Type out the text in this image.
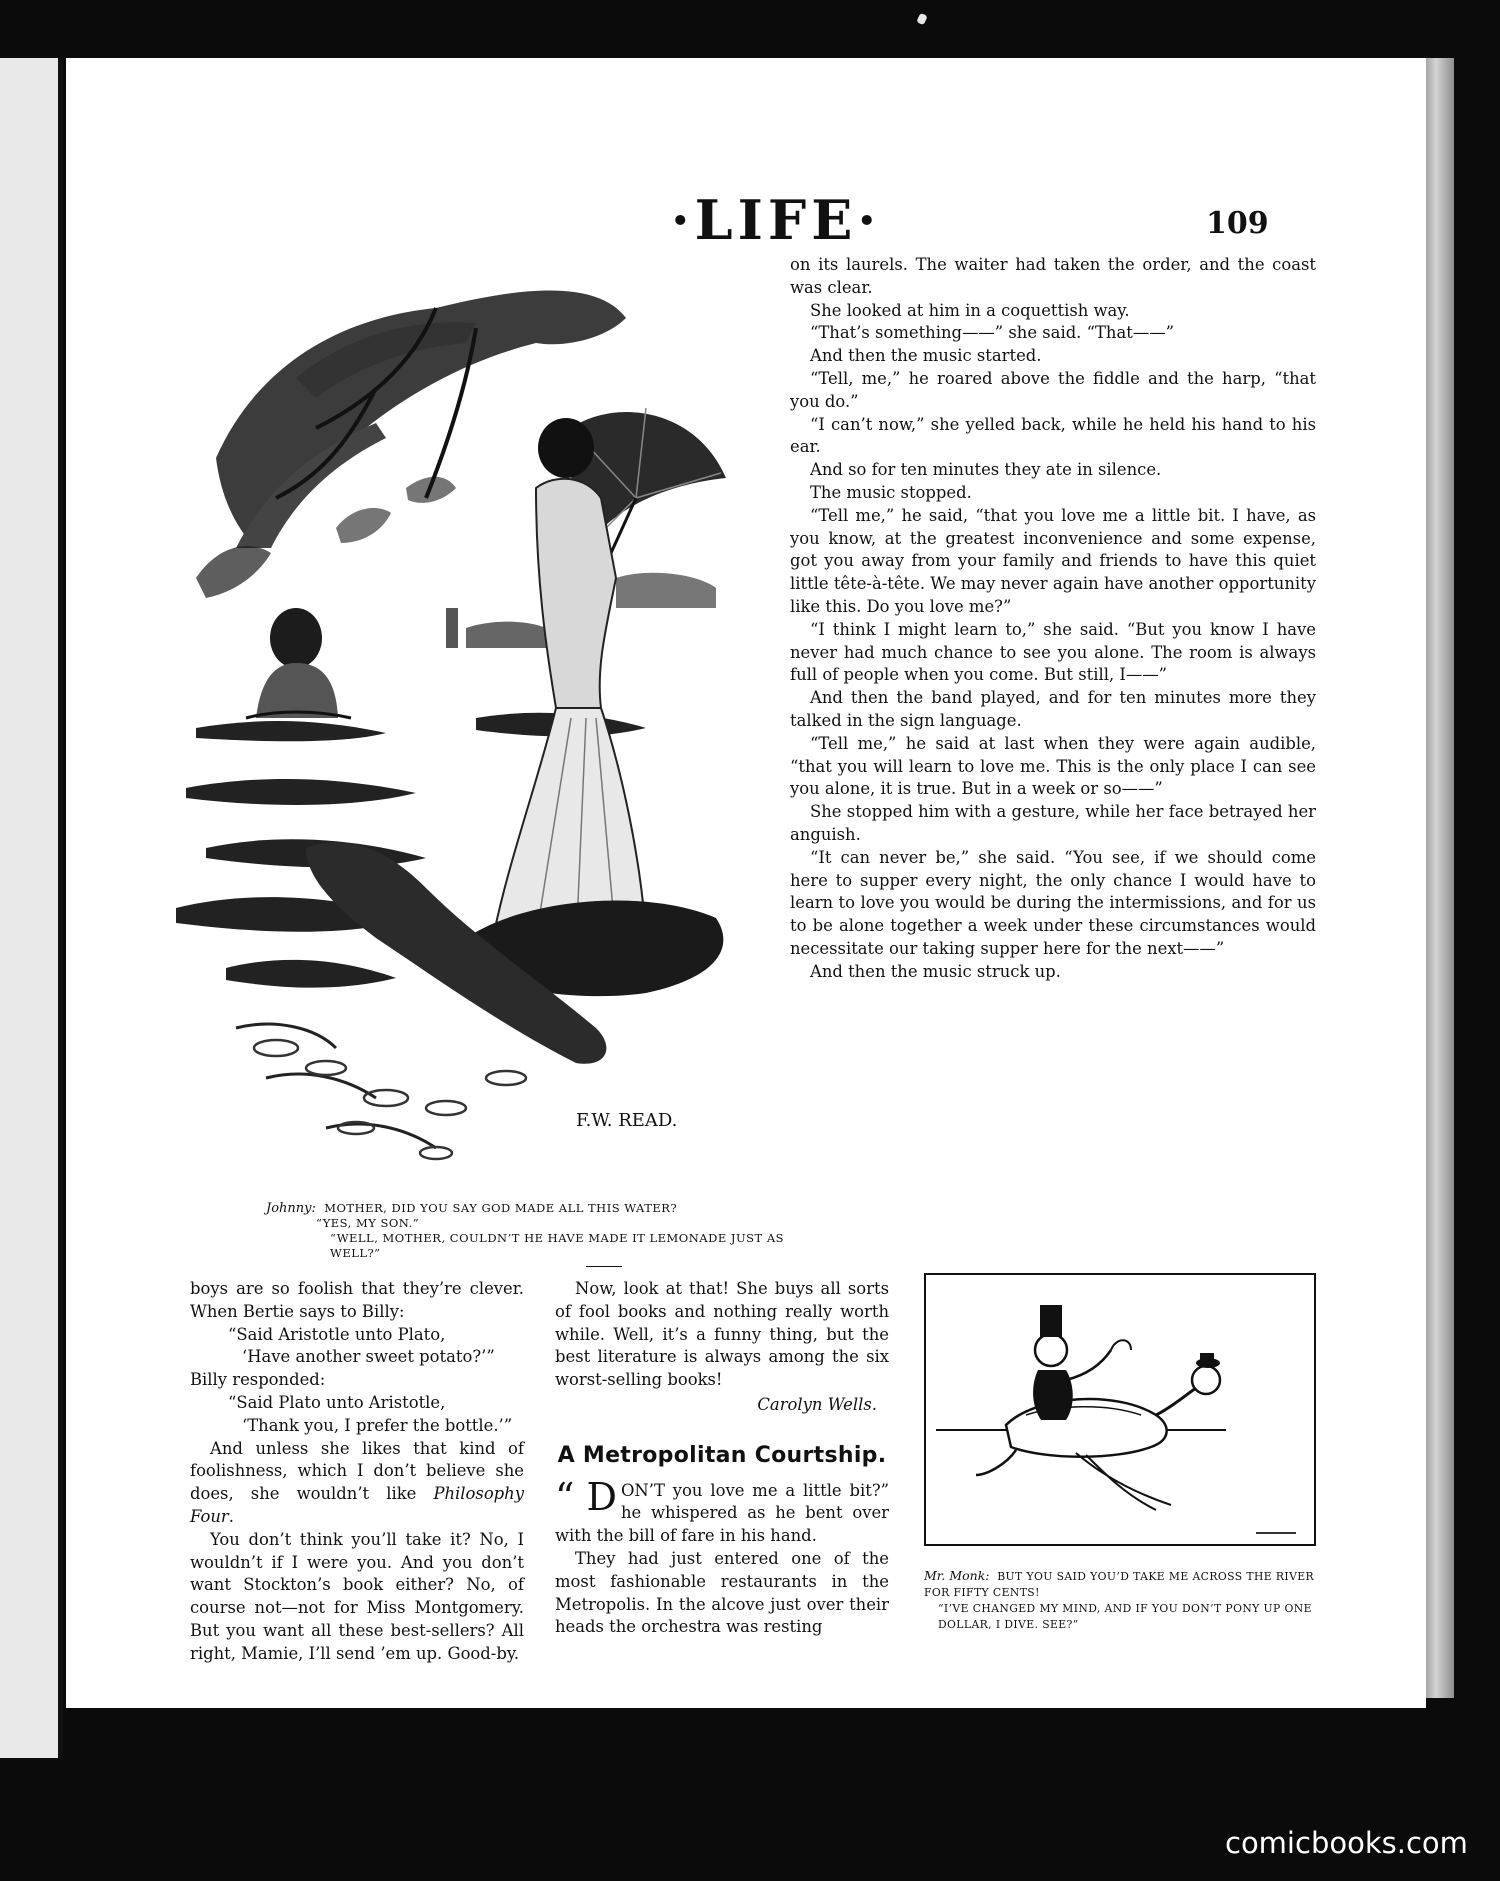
·LIFE·	109
F.W. READ.
Johnny: MOTHER, DID YOU SAY GOD MADE ALL THIS WATER?
“YES, MY SON.”
“WELL, MOTHER, COULDN’T HE HAVE MADE IT LEMONADE JUST AS WELL?”

on its laurels. The waiter had taken the order, and the coast was clear.

She looked at him in a coquettish way.

“That’s something——” she said. “That——”

And then the music started.

“Tell, me,” he roared above the fiddle and the harp, “that you do.”

“I can’t now,” she yelled back, while he held his hand to his ear.

And so for ten minutes they ate in silence.

The music stopped.

“Tell me,” he said, “that you love me a little bit. I have, as you know, at the greatest inconvenience and some expense, got you away from your family and friends to have this quiet little tête-à-tête. We may never again have another opportunity like this. Do you love me?”

“I think I might learn to,” she said. “But you know I have never had much chance to see you alone. The room is always full of people when you come. But still, I——”

And then the band played, and for ten minutes more they talked in the sign language.

“Tell me,” he said at last when they were again audible, “that you will learn to love me. This is the only place I can see you alone, it is true. But in a week or so——”

She stopped him with a gesture, while her face betrayed her anguish.

“It can never be,” she said. “You see, if we should come here to supper every night, the only chance I would have to learn to love you would be during the intermissions, and for us to be alone together a week under these circumstances would necessitate our taking supper here for the next——”

And then the music struck up.

boys are so foolish that they’re clever. When Bertie says to Billy:

“Said Aristotle unto Plato,

‘Have another sweet potato?’”

Billy responded:

“Said Plato unto Aristotle,

‘Thank you, I prefer the bottle.’”

And unless she likes that kind of foolishness, which I don’t believe she does, she wouldn’t like Philosophy Four.

You don’t think you’ll take it? No, I wouldn’t if I were you. And you don’t want Stockton’s book either? No, of course not—not for Miss Montgomery. But you want all these best-sellers? All right, Mamie, I’ll send ’em up. Good-by.

Now, look at that! She buys all sorts of fool books and nothing really worth while. Well, it’s a funny thing, but the best literature is always among the six worst-selling books!

Carolyn Wells.
A Metropolitan Courtship.

“ D ON’T you love me a little bit?” he whispered as he bent over with the bill of fare in his hand.

They had just entered one of the most fashionable restaurants in the Metropolis. In the alcove just over their heads the orchestra was resting

Mr. Monk: BUT YOU SAID YOU’D TAKE ME ACROSS THE RIVER FOR FIFTY CENTS!
“I’VE CHANGED MY MIND, AND IF YOU DON’T PONY UP ONE DOLLAR, I DIVE. SEE?”
comicbooks.com
